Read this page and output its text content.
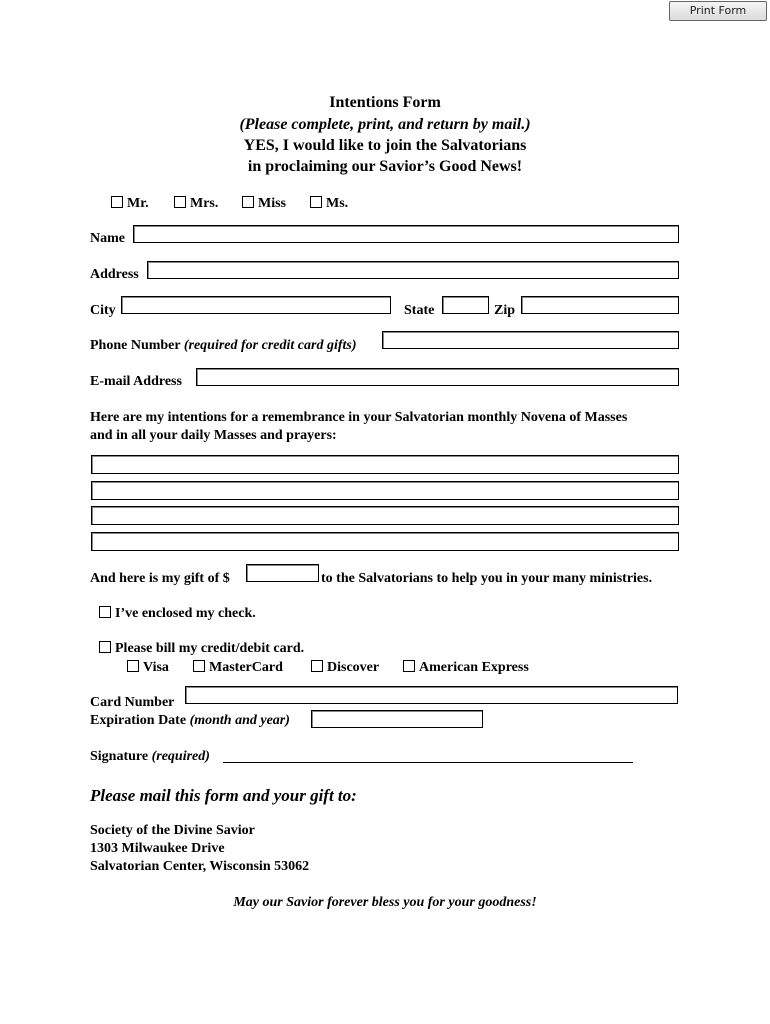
Print Form
Intentions Form
(Please complete, print, and return by mail.)
YES, I would like to join the Salvatorians
in proclaiming our Savior’s Good News!
Mr.	Mrs.	Miss	Ms.
Name
Address
City	State	Zip
Phone Number (required for credit card gifts)
E-mail Address
Here are my intentions for a remembrance in your Salvatorian monthly Novena of Masses
and in all your daily Masses and prayers:
And here is my gift of $	to the Salvatorians to help you in your many ministries.
I’ve enclosed my check.
Please bill my credit/debit card.
Visa	MasterCard	Discover	American Express
Card Number
Expiration Date (month and year)
Signature (required)
Please mail this form and your gift to:
Society of the Divine Savior
1303 Milwaukee Drive
Salvatorian Center, Wisconsin 53062
May our Savior forever bless you for your goodness!
